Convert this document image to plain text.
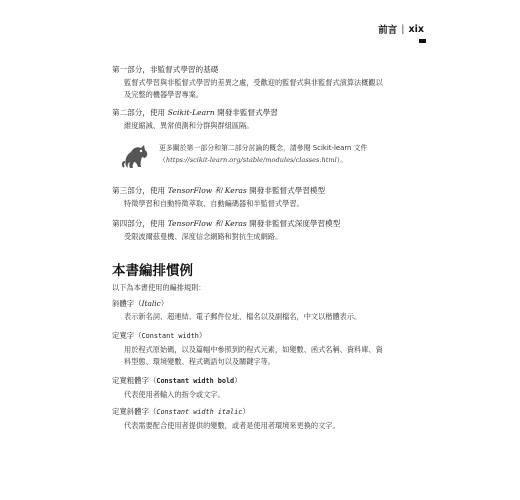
前言 | xix
第一部分，非監督式學習的基礎
監督式學習與非監督式學習的差異之處，受歡迎的監督式與非監督式演算法概觀以
及完整的機器學習專案。
第二部分，使用 Scikit-Learn 開發非監督式學習
維度縮減、異常偵測和分群與群組區隔。
更多關於第一部分和第二部分討論的概念，請參閱 Scikit-learn 文件
（https://scikit-learn.org/stable/modules/classes.html）。
第三部分，使用 TensorFlow 和 Keras 開發非監督式學習模型
特徵學習和自動特徵萃取、自動編碼器和半監督式學習。
第四部分，使用 TensorFlow 和 Keras 開發非監督式深度學習模型
受限波爾茲曼機、深度信念網路和對抗生成網路。
本書編排慣例
以下為本書使用的編排規則：
斜體字（Italic）
表示新名詞、超連結、電子郵件位址、檔名以及副檔名，中文以楷體表示。
定寬字（Constant width）
用於程式原始碼，以及篇幅中參照到的程式元素，如變數、函式名稱、資料庫、資
料型態、環境變數、程式碼語句以及關鍵字等。
定寬粗體字（Constant width bold）
代表使用者輸入的指令或文字。
定寬斜體字（Constant width italic）
代表需要配合使用者提供的變數，或者是使用者環境來更換的文字。
